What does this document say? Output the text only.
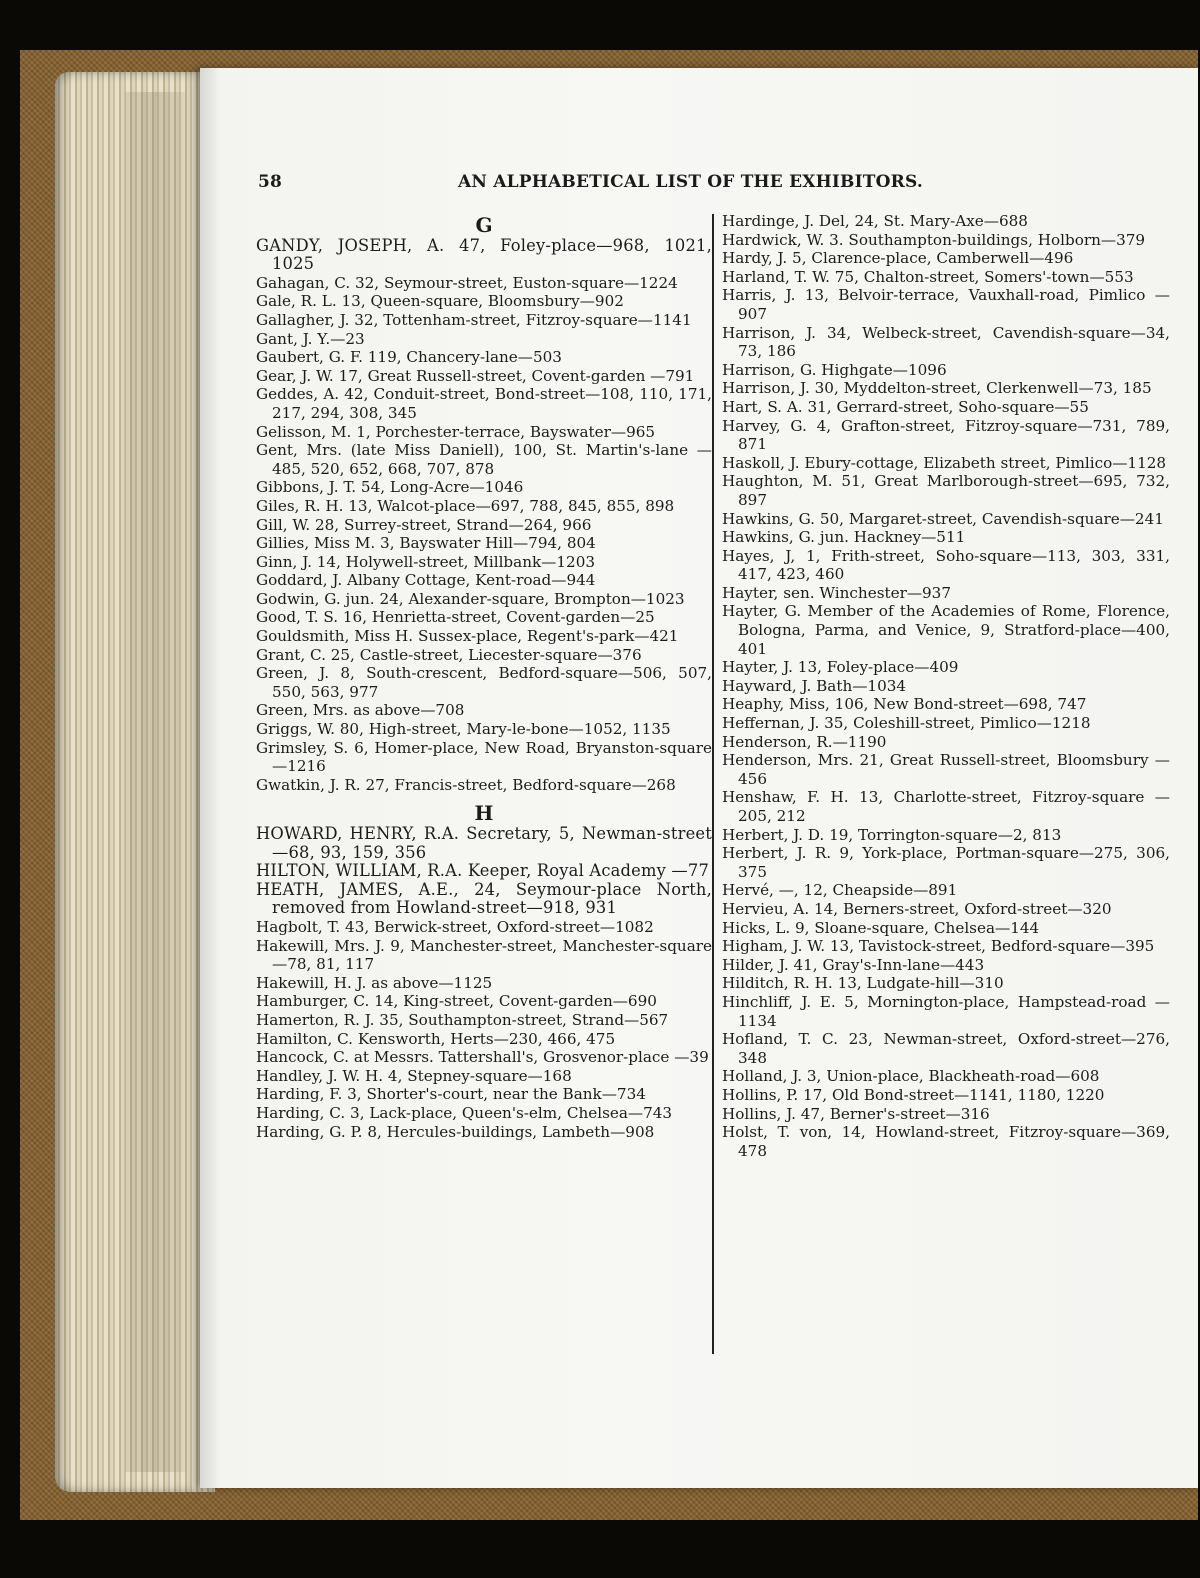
58	AN ALPHABETICAL LIST OF THE EXHIBITORS.
G
GANDY, JOSEPH, A. 47, Foley-place—968, 1021, 1025
Gahagan, C. 32, Seymour-street, Euston-square—1224
Gale, R. L. 13, Queen-square, Bloomsbury—902
Gallagher, J. 32, Tottenham-street, Fitzroy-square—1141
Gant, J. Y.—23
Gaubert, G. F. 119, Chancery-lane—503
Gear, J. W. 17, Great Russell-street, Covent-garden —791
Geddes, A. 42, Conduit-street, Bond-street—108, 110, 171, 217, 294, 308, 345
Gelisson, M. 1, Porchester-terrace, Bayswater—965
Gent, Mrs. (late Miss Daniell), 100, St. Martin's-lane —485, 520, 652, 668, 707, 878
Gibbons, J. T. 54, Long-Acre—1046
Giles, R. H. 13, Walcot-place—697, 788, 845, 855, 898
Gill, W. 28, Surrey-street, Strand—264, 966
Gillies, Miss M. 3, Bayswater Hill—794, 804
Ginn, J. 14, Holywell-street, Millbank—1203
Goddard, J. Albany Cottage, Kent-road—944
Godwin, G. jun. 24, Alexander-square, Brompton—1023
Good, T. S. 16, Henrietta-street, Covent-garden—25
Gouldsmith, Miss H. Sussex-place, Regent's-park—421
Grant, C. 25, Castle-street, Liecester-square—376
Green, J. 8, South-crescent, Bedford-square—506, 507, 550, 563, 977
Green, Mrs. as above—708
Griggs, W. 80, High-street, Mary-le-bone—1052, 1135
Grimsley, S. 6, Homer-place, New Road, Bryanston-square—1216
Gwatkin, J. R. 27, Francis-street, Bedford-square—268
H
HOWARD, HENRY, R.A. Secretary, 5, Newman-street—68, 93, 159, 356
HILTON, WILLIAM, R.A. Keeper, Royal Academy —77
HEATH, JAMES, A.E., 24, Seymour-place North, removed from Howland-street—918, 931
Hagbolt, T. 43, Berwick-street, Oxford-street—1082
Hakewill, Mrs. J. 9, Manchester-street, Manchester-square—78, 81, 117
Hakewill, H. J. as above—1125
Hamburger, C. 14, King-street, Covent-garden—690
Hamerton, R. J. 35, Southampton-street, Strand—567
Hamilton, C. Kensworth, Herts—230, 466, 475
Hancock, C. at Messrs. Tattershall's, Grosvenor-place —39
Handley, J. W. H. 4, Stepney-square—168
Harding, F. 3, Shorter's-court, near the Bank—734
Harding, C. 3, Lack-place, Queen's-elm, Chelsea—743
Harding, G. P. 8, Hercules-buildings, Lambeth—908
Hardinge, J. Del, 24, St. Mary-Axe—688
Hardwick, W. 3. Southampton-buildings, Holborn—379
Hardy, J. 5, Clarence-place, Camberwell—496
Harland, T. W. 75, Chalton-street, Somers'-town—553
Harris, J. 13, Belvoir-terrace, Vauxhall-road, Pimlico —907
Harrison, J. 34, Welbeck-street, Cavendish-square—34, 73, 186
Harrison, G. Highgate—1096
Harrison, J. 30, Myddelton-street, Clerkenwell—73, 185
Hart, S. A. 31, Gerrard-street, Soho-square—55
Harvey, G. 4, Grafton-street, Fitzroy-square—731, 789, 871
Haskoll, J. Ebury-cottage, Elizabeth street, Pimlico—1128
Haughton, M. 51, Great Marlborough-street—695, 732, 897
Hawkins, G. 50, Margaret-street, Cavendish-square—241
Hawkins, G. jun. Hackney—511
Hayes, J, 1, Frith-street, Soho-square—113, 303, 331, 417, 423, 460
Hayter, sen. Winchester—937
Hayter, G. Member of the Academies of Rome, Florence, Bologna, Parma, and Venice, 9, Stratford-place—400, 401
Hayter, J. 13, Foley-place—409
Hayward, J. Bath—1034
Heaphy, Miss, 106, New Bond-street—698, 747
Heffernan, J. 35, Coleshill-street, Pimlico—1218
Henderson, R.—1190
Henderson, Mrs. 21, Great Russell-street, Bloomsbury —456
Henshaw, F. H. 13, Charlotte-street, Fitzroy-square —205, 212
Herbert, J. D. 19, Torrington-square—2, 813
Herbert, J. R. 9, York-place, Portman-square—275, 306, 375
Hervé, —, 12, Cheapside—891
Hervieu, A. 14, Berners-street, Oxford-street—320
Hicks, L. 9, Sloane-square, Chelsea—144
Higham, J. W. 13, Tavistock-street, Bedford-square—395
Hilder, J. 41, Gray's-Inn-lane—443
Hilditch, R. H. 13, Ludgate-hill—310
Hinchliff, J. E. 5, Mornington-place, Hampstead-road —1134
Hofland, T. C. 23, Newman-street, Oxford-street—276, 348
Holland, J. 3, Union-place, Blackheath-road—608
Hollins, P. 17, Old Bond-street—1141, 1180, 1220
Hollins, J. 47, Berner's-street—316
Holst, T. von, 14, Howland-street, Fitzroy-square—369, 478
